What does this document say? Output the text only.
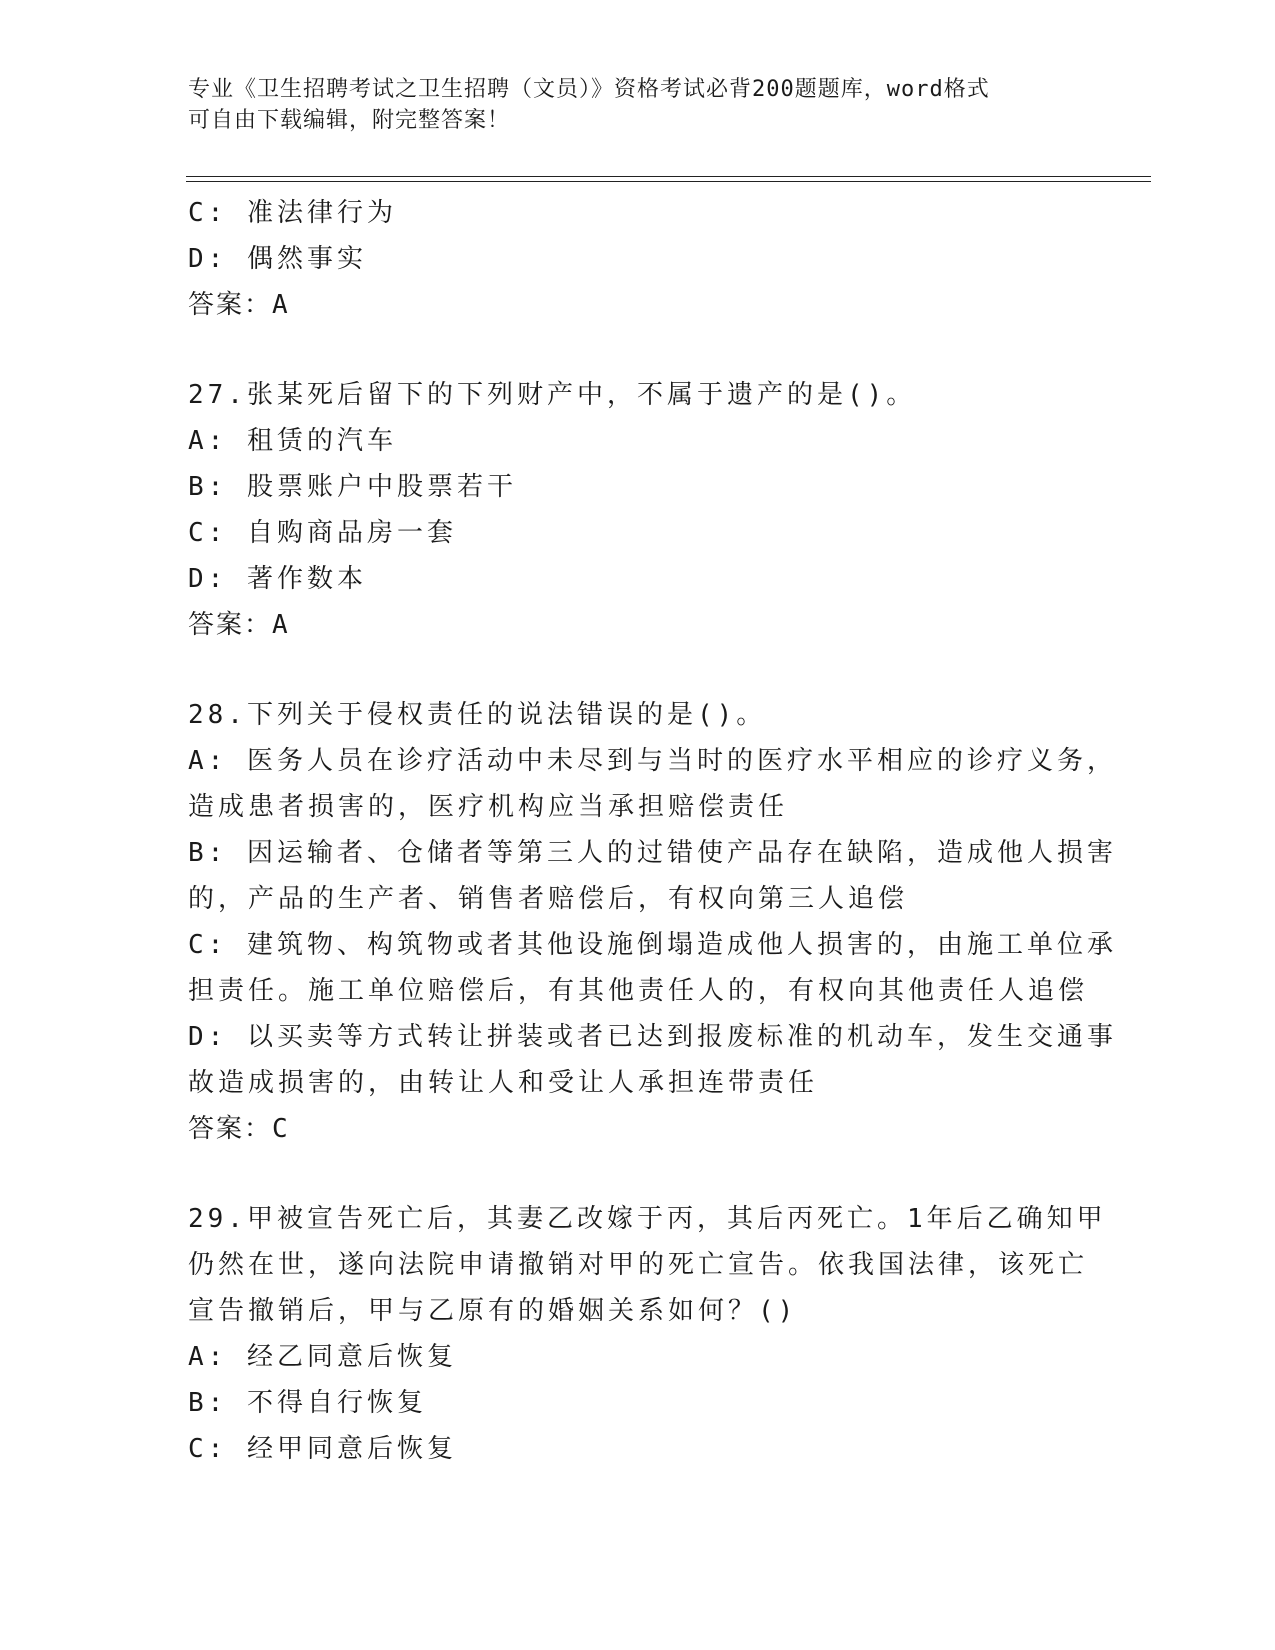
专业《卫生招聘考试之卫生招聘（文员）》资格考试必背200题题库，word格式
可自由下载编辑，附完整答案！
C: 准法律行为
D: 偶然事实
答案：A
27.张某死后留下的下列财产中，不属于遗产的是()。
A: 租赁的汽车
B: 股票账户中股票若干
C: 自购商品房一套
D: 著作数本
答案：A
28.下列关于侵权责任的说法错误的是()。
A: 医务人员在诊疗活动中未尽到与当时的医疗水平相应的诊疗义务，
造成患者损害的，医疗机构应当承担赔偿责任
B: 因运输者、仓储者等第三人的过错使产品存在缺陷，造成他人损害
的，产品的生产者、销售者赔偿后，有权向第三人追偿
C: 建筑物、构筑物或者其他设施倒塌造成他人损害的，由施工单位承
担责任。施工单位赔偿后，有其他责任人的，有权向其他责任人追偿
D: 以买卖等方式转让拼装或者已达到报废标准的机动车，发生交通事
故造成损害的，由转让人和受让人承担连带责任
答案：C
29.甲被宣告死亡后，其妻乙改嫁于丙，其后丙死亡。1年后乙确知甲
仍然在世，遂向法院申请撤销对甲的死亡宣告。依我国法律，该死亡
宣告撤销后，甲与乙原有的婚姻关系如何？()
A: 经乙同意后恢复
B: 不得自行恢复
C: 经甲同意后恢复
